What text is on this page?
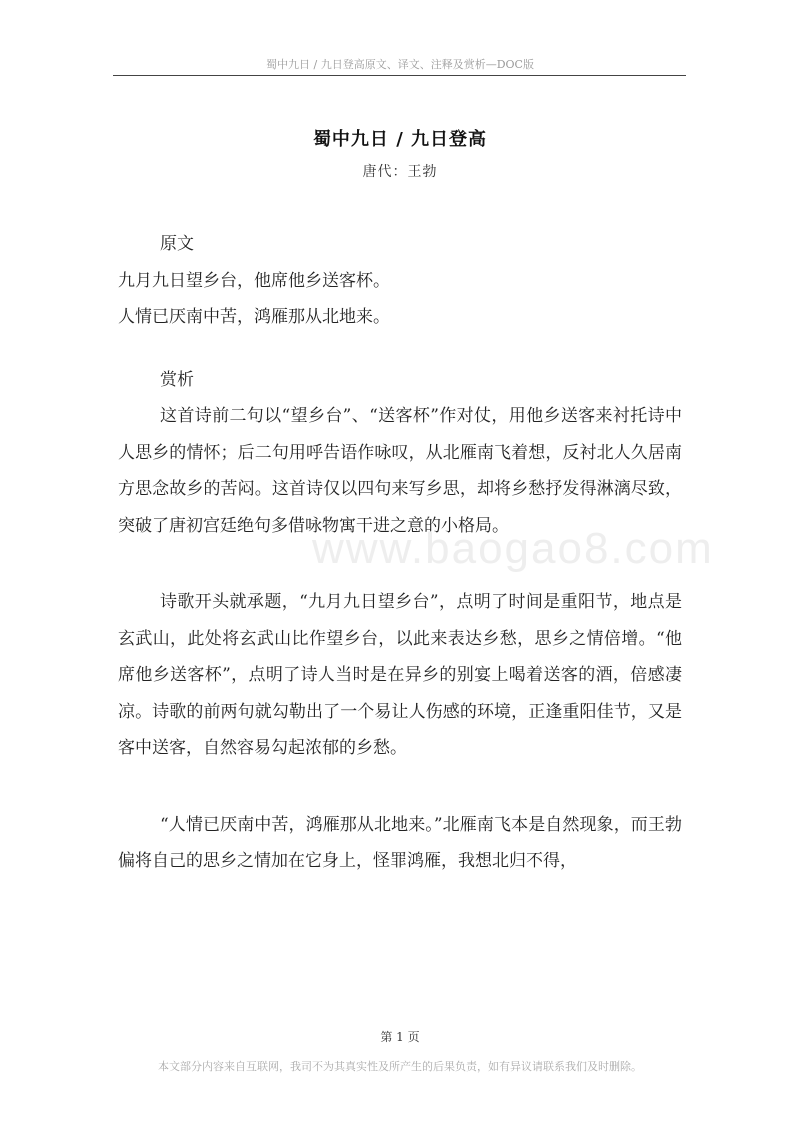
蜀中九日 / 九日登高原文、译文、注释及赏析—DOC版
蜀中九日 / 九日登高
唐代：王勃
www.baogao8.com

原文

九月九日望乡台，他席他乡送客杯。

人情已厌南中苦，鸿雁那从北地来。

赏析

这首诗前二句以“望乡台”、“送客杯”作对仗，用他乡送客来衬托诗中人思乡的情怀；后二句用呼告语作咏叹，从北雁南飞着想，反衬北人久居南方思念故乡的苦闷。这首诗仅以四句来写乡思，却将乡愁抒发得淋漓尽致，突破了唐初宫廷绝句多借咏物寓干进之意的小格局。

诗歌开头就承题，“九月九日望乡台”，点明了时间是重阳节，地点是玄武山，此处将玄武山比作望乡台，以此来表达乡愁，思乡之情倍增。“他席他乡送客杯”，点明了诗人当时是在异乡的别宴上喝着送客的酒，倍感凄凉。诗歌的前两句就勾勒出了一个易让人伤感的环境，正逢重阳佳节，又是客中送客，自然容易勾起浓郁的乡愁。

“人情已厌南中苦，鸿雁那从北地来。”北雁南飞本是自然现象，而王勃偏将自己的思乡之情加在它身上，怪罪鸿雁，我想北归不得，

第 1 页
本文部分内容来自互联网，我司不为其真实性及所产生的后果负责，如有异议请联系我们及时删除。
